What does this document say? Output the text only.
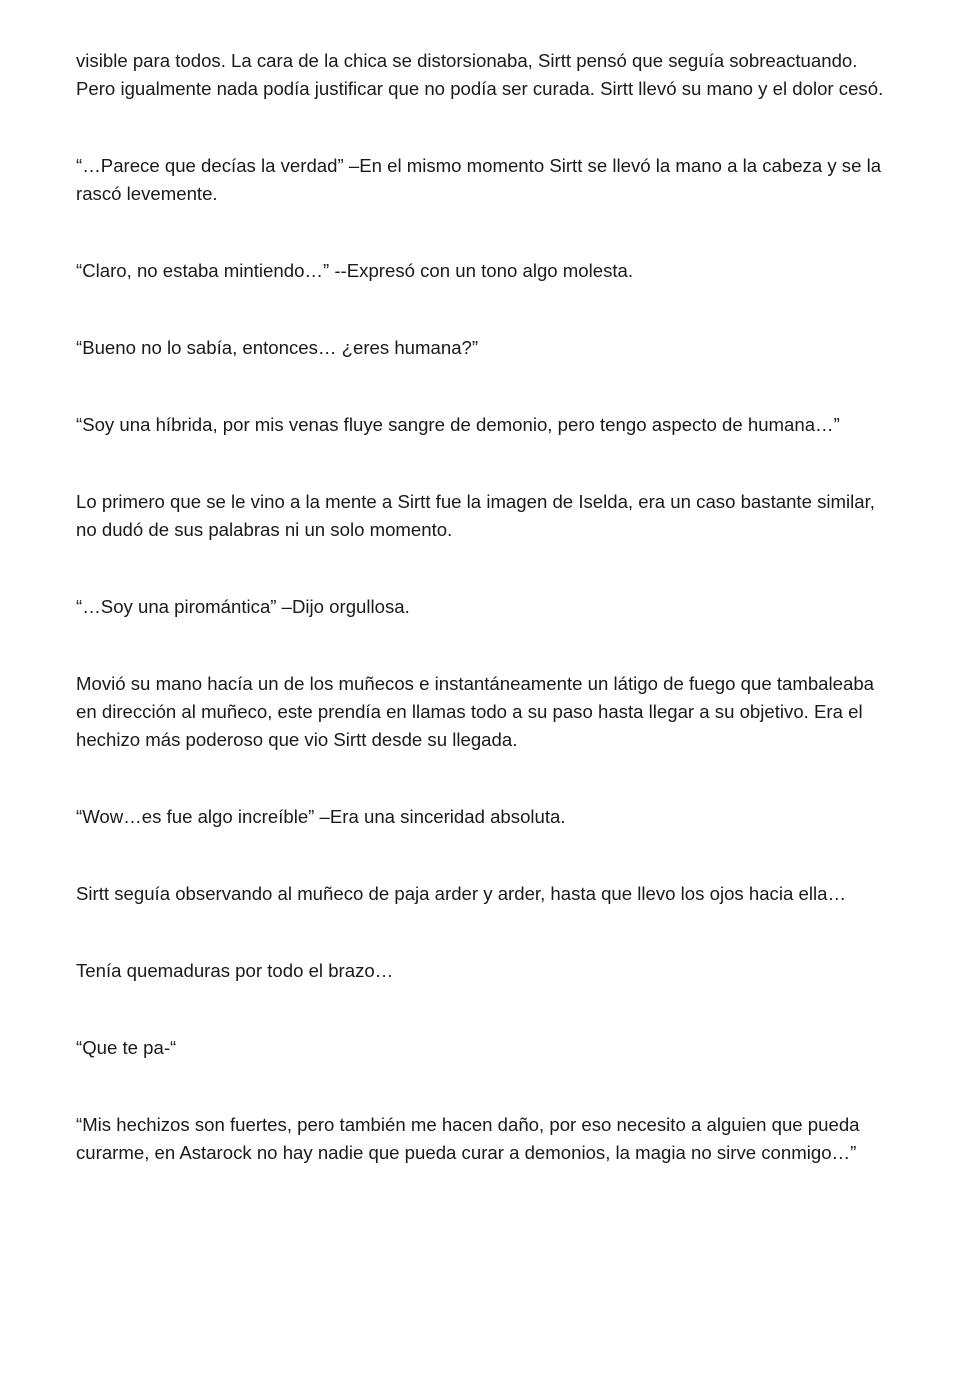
visible para todos. La cara de la chica se distorsionaba, Sirtt pensó que seguía sobreactuando. Pero igualmente nada podía justificar que no podía ser curada. Sirtt llevó su mano y el dolor cesó.

“…Parece que decías la verdad” –En el mismo momento Sirtt se llevó la mano a la cabeza y se la rascó levemente.

“Claro, no estaba mintiendo…” --Expresó con un tono algo molesta.

“Bueno no lo sabía, entonces… ¿eres humana?”

“Soy una híbrida, por mis venas fluye sangre de demonio, pero tengo aspecto de humana…”

Lo primero que se le vino a la mente a Sirtt fue la imagen de Iselda, era un caso bastante similar, no dudó de sus palabras ni un solo momento.

“…Soy una piromántica” –Dijo orgullosa.

Movió su mano hacía un de los muñecos e instantáneamente un látigo de fuego que tambaleaba en dirección al muñeco, este prendía en llamas todo a su paso hasta llegar a su objetivo. Era el hechizo más poderoso que vio Sirtt desde su llegada.

“Wow…es fue algo increíble” –Era una sinceridad absoluta.

Sirtt seguía observando al muñeco de paja arder y arder, hasta que llevo los ojos hacia ella…

Tenía quemaduras por todo el brazo…

“Que te pa-“

“Mis hechizos son fuertes, pero también me hacen daño, por eso necesito a alguien que pueda curarme, en Astarock no hay nadie que pueda curar a demonios, la magia no sirve conmigo…”
